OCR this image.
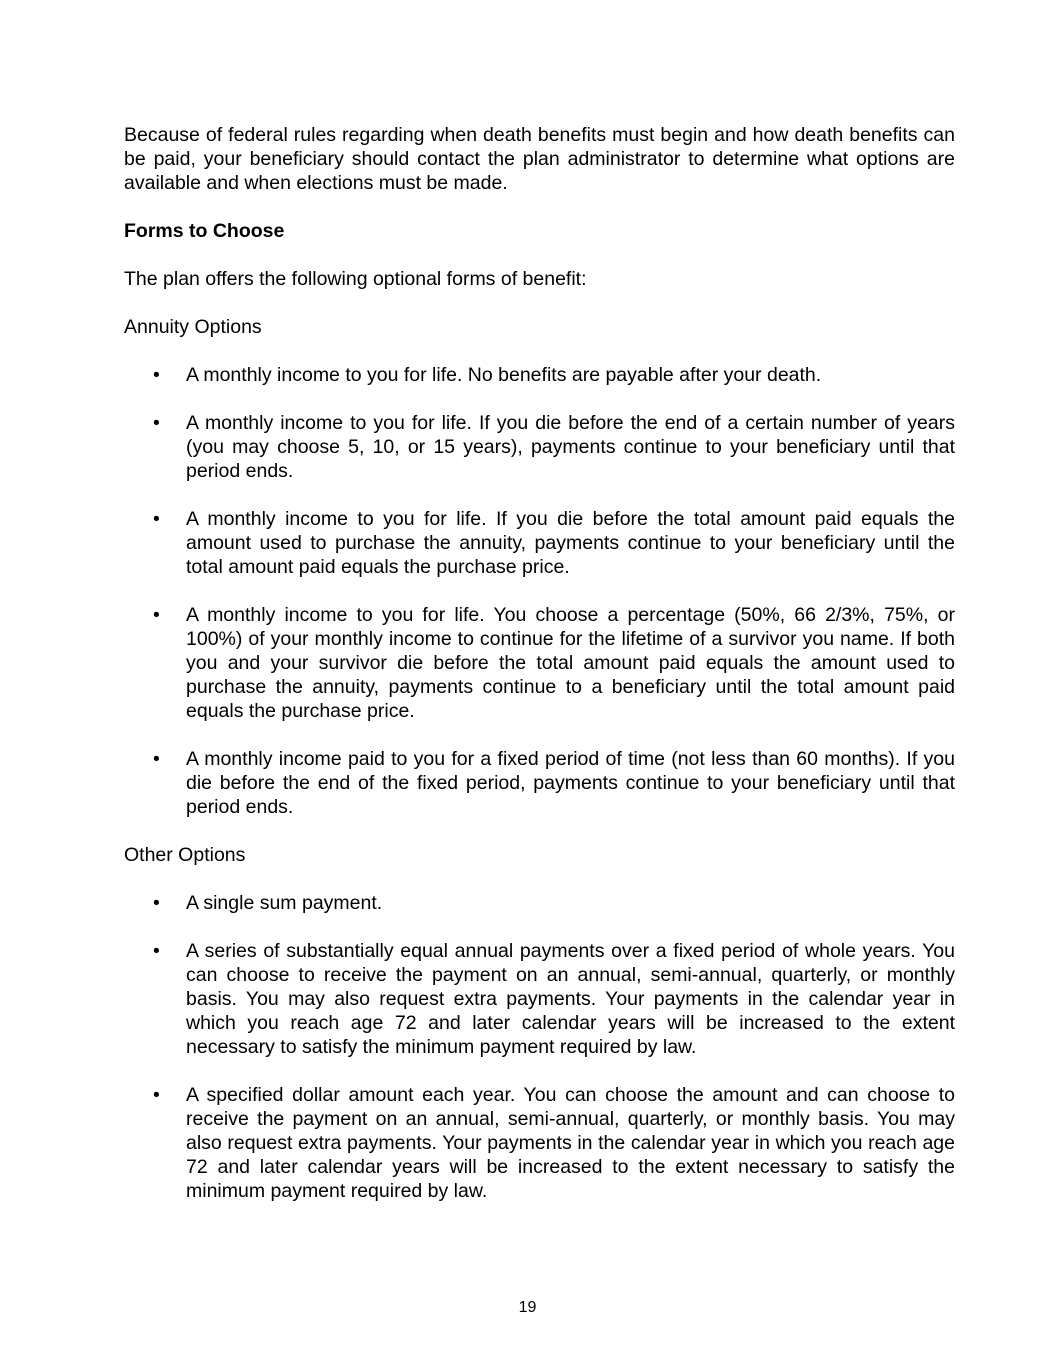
Because of federal rules regarding when death benefits must begin and how death benefits can be paid, your beneficiary should contact the plan administrator to determine what options are available and when elections must be made.

Forms to Choose

The plan offers the following optional forms of benefit:

Annuity Options

• A monthly income to you for life. No benefits are payable after your death.
• A monthly income to you for life. If you die before the end of a certain number of years (you may choose 5, 10, or 15 years), payments continue to your beneficiary until that period ends.
• A monthly income to you for life. If you die before the total amount paid equals the amount used to purchase the annuity, payments continue to your beneficiary until the total amount paid equals the purchase price.
• A monthly income to you for life. You choose a percentage (50%, 66 2/3%, 75%, or 100%) of your monthly income to continue for the lifetime of a survivor you name. If both you and your survivor die before the total amount paid equals the amount used to purchase the annuity, payments continue to a beneficiary until the total amount paid equals the purchase price.
• A monthly income paid to you for a fixed period of time (not less than 60 months). If you die before the end of the fixed period, payments continue to your beneficiary until that period ends.

Other Options

• A single sum payment.
• A series of substantially equal annual payments over a fixed period of whole years. You can choose to receive the payment on an annual, semi-annual, quarterly, or monthly basis. You may also request extra payments. Your payments in the calendar year in which you reach age 72 and later calendar years will be increased to the extent necessary to satisfy the minimum payment required by law.
• A specified dollar amount each year. You can choose the amount and can choose to receive the payment on an annual, semi-annual, quarterly, or monthly basis. You may also request extra payments. Your payments in the calendar year in which you reach age 72 and later calendar years will be increased to the extent necessary to satisfy the minimum payment required by law.
19
